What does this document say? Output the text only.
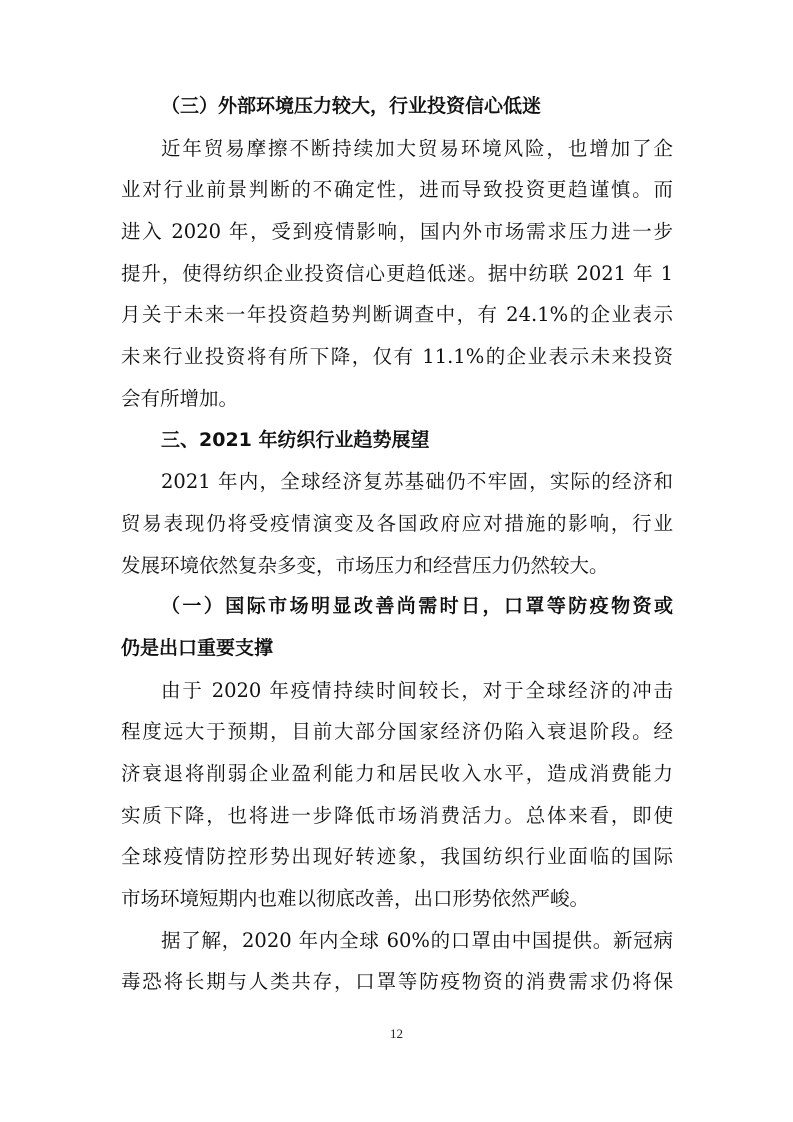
（三）外部环境压力较大，行业投资信心低迷
近年贸易摩擦不断持续加大贸易环境风险，也增加了企
业对行业前景判断的不确定性，进而导致投资更趋谨慎。而
进入 2020 年，受到疫情影响，国内外市场需求压力进一步
提升，使得纺织企业投资信心更趋低迷。据中纺联 2021 年 1
月关于未来一年投资趋势判断调查中，有 24.1%的企业表示
未来行业投资将有所下降，仅有 11.1%的企业表示未来投资
会有所增加。
三、2021 年纺织行业趋势展望
2021 年内，全球经济复苏基础仍不牢固，实际的经济和
贸易表现仍将受疫情演变及各国政府应对措施的影响，行业
发展环境依然复杂多变，市场压力和经营压力仍然较大。
（一）国际市场明显改善尚需时日，口罩等防疫物资或
仍是出口重要支撑
由于 2020 年疫情持续时间较长，对于全球经济的冲击
程度远大于预期，目前大部分国家经济仍陷入衰退阶段。经
济衰退将削弱企业盈利能力和居民收入水平，造成消费能力
实质下降，也将进一步降低市场消费活力。总体来看，即使
全球疫情防控形势出现好转迹象，我国纺织行业面临的国际
市场环境短期内也难以彻底改善，出口形势依然严峻。
据了解，2020 年内全球 60%的口罩由中国提供。新冠病
毒恐将长期与人类共存，口罩等防疫物资的消费需求仍将保
12
